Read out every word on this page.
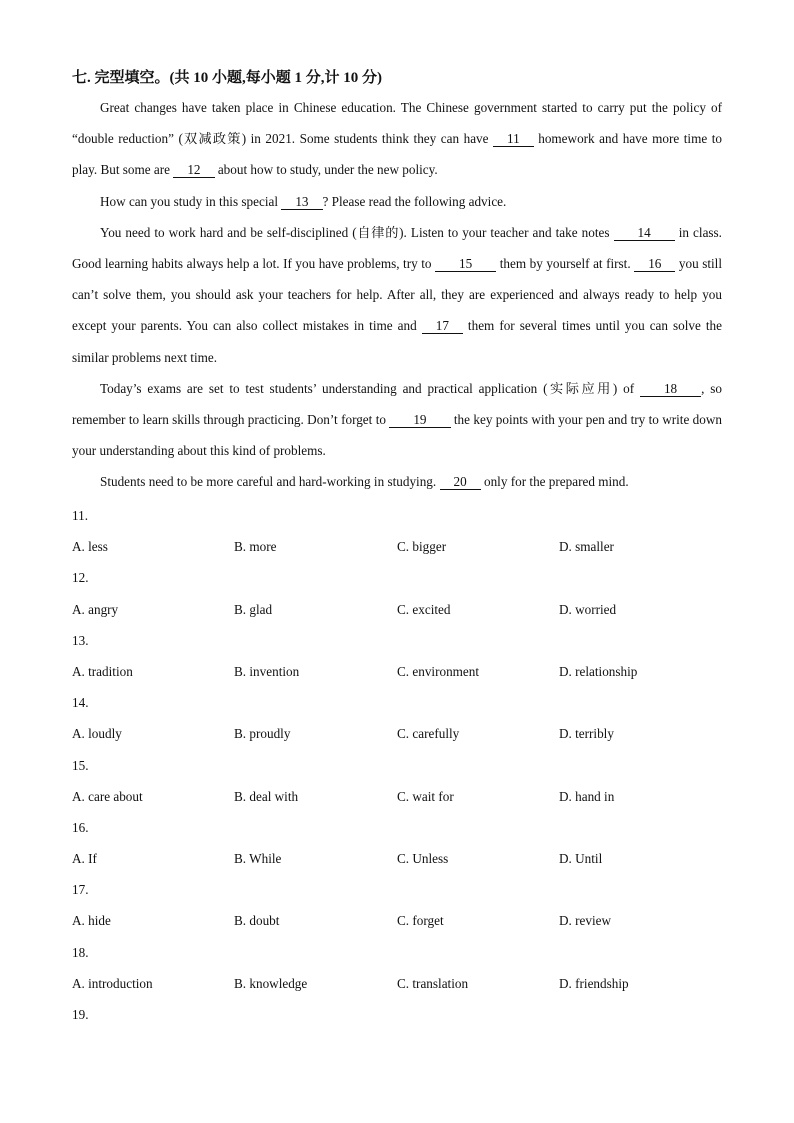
七. 完型填空。(共 10 小题,每小题 1 分,计 10 分)

Great changes have taken place in Chinese education. The Chinese government started to carry put the policy of “double reduction” (双减政策) in 2021. Some students think they can have 11 homework and have more time to play. But some are 12 about how to study, under the new policy.

How can you study in this special 13 ? Please read the following advice.

You need to work hard and be self-disciplined (自律的). Listen to your teacher and take notes 14 in class. Good learning habits always help a lot. If you have problems, try to 15 them by yourself at first. 16 you still can’t solve them, you should ask your teachers for help. After all, they are experienced and always ready to help you except your parents. You can also collect mistakes in time and 17 them for several times until you can solve the similar problems next time.

Today’s exams are set to test students’ understanding and practical application (实际应用) of 18 , so remember to learn skills through practicing. Don’t forget to 19 the key points with your pen and try to write down your understanding about this kind of problems.

Students need to be more careful and hard-working in studying. 20 only for the prepared mind.

11.
A. less	B. more	C. bigger	D. smaller
12.
A. angry	B. glad	C. excited	D. worried
13.
A. tradition	B. invention	C. environment	D. relationship
14.
A. loudly	B. proudly	C. carefully	D. terribly
15.
A. care about	B. deal with	C. wait for	D. hand in
16.
A. If	B. While	C. Unless	D. Until
17.
A. hide	B. doubt	C. forget	D. review
18.
A. introduction	B. knowledge	C. translation	D. friendship
19.
